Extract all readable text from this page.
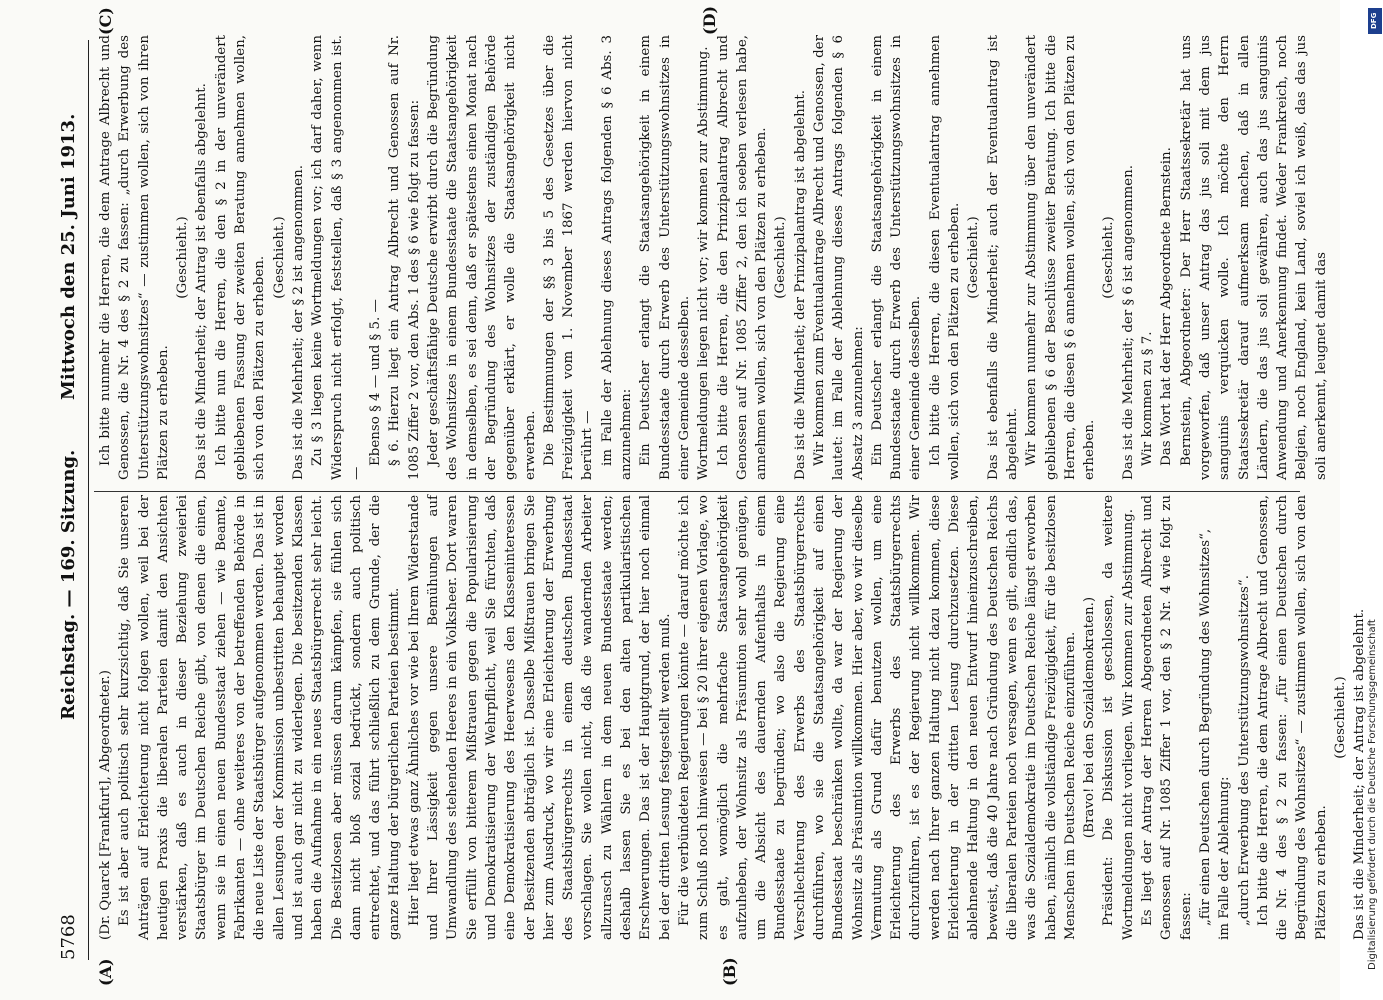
5768
Reichstag. — 169. Sitzung.
Mittwoch den 25. Juni 1913.
(A)	(B)
(C)	(D)

(Dr. Quarck [Frankfurt], Abgeordneter.) Es ist aber auch politisch sehr kurzsichtig, daß Sie unseren Anträgen auf Erleichterung nicht folgen wollen, weil bei der heutigen Praxis die liberalen Parteien damit den Ansichten verstärken, daß es auch in dieser Beziehung zweierlei Staatsbürger im Deutschen Reiche gibt, von denen die einen, wenn sie in einen neuen Bundesstaat ziehen — wie Beamte, Fabrikanten — ohne weiteres von der betreffenden Behörde in die neue Liste der Staatsbürger aufgenommen werden. Das ist in allen Lesungen der Kommission unbestritten behauptet worden und ist auch gar nicht zu widerlegen. Die besitzenden Klassen haben die Aufnahme in ein neues Staatsbürgerrecht sehr leicht. Die Besitzlosen aber müssen darum kämpfen, sie fühlen sich dann nicht bloß sozial bedrückt, sondern auch politisch entrechtet, und das führt schließlich zu dem Grunde, der die ganze Haltung der bürgerlichen Parteien bestimmt. Hier liegt etwas ganz Ähnliches vor wie bei Ihrem Widerstande und Ihrer Lässigkeit gegen unsere Bemühungen auf Umwandlung des stehenden Heeres in ein Volksheer. Dort waren Sie erfüllt von bitterem Mißtrauen gegen die Popularisierung und Demokratisierung der Wehrpflicht, weil Sie fürchten, daß eine Demokratisierung des Heerwesens den Klasseninteressen der Besitzenden abträglich ist. Dasselbe Mißtrauen bringen Sie hier zum Ausdruck, wo wir eine Erleichterung der Erwerbung des Staatsbürgerrechts in einem deutschen Bundesstaat vorschlagen. Sie wollen nicht, daß die wandernden Arbeiter allzurasch zu Wählern in dem neuen Bundesstaate werden; deshalb lassen Sie es bei den alten partikularistischen Erschwerungen. Das ist der Hauptgrund, der hier noch einmal bei der dritten Lesung festgestellt werden muß. Für die verbündeten Regierungen könnte — darauf möchte ich zum Schluß noch hinweisen — bei § 20 ihrer eigenen Vorlage, wo es galt, womöglich die mehrfache Staatsangehörigkeit aufzuheben, der Wohnsitz als Präsumtion sehr wohl genügen, um die Absicht des dauernden Aufenthalts in einem Bundesstaate zu begründen; wo also die Regierung eine Verschlechterung des Erwerbs des Staatsbürgerrechts durchführen, wo sie die Staatsangehörigkeit auf einen Bundesstaat beschränken wollte, da war der Regierung der Wohnsitz als Präsumtion willkommen. Hier aber, wo wir dieselbe Vermutung als Grund dafür benutzen wollen, um eine Erleichterung des Erwerbs des Staatsbürgerrechts durchzuführen, ist es der Regierung nicht willkommen. Wir werden nach Ihrer ganzen Haltung nicht dazu kommen, diese Erleichterung in der dritten Lesung durchzusetzen. Diese ablehnende Haltung in den neuen Entwurf hineinzuschreiben, beweist, daß die 40 Jahre nach Gründung des Deutschen Reichs die liberalen Parteien noch versagen, wenn es gilt, endlich das, was die Sozialdemokratie im Deutschen Reiche längst erworben haben, nämlich die vollständige Freizügigkeit, für die besitzlosen Menschen im Deutschen Reiche einzuführen. (Bravo! bei den Sozialdemokraten.) Präsident: Die Diskussion ist geschlossen, da weitere Wortmeldungen nicht vorliegen. Wir kommen zur Abstimmung. Es liegt der Antrag der Herren Abgeordneten Albrecht und Genossen auf Nr. 1085 Ziffer 1 vor, den § 2 Nr. 4 wie folgt zu fassen: „für einen Deutschen durch Begründung des Wohnsitzes“, im Falle der Ablehnung: „durch Erwerbung des Unterstützungswohnsitzes“. Ich bitte die Herren, die dem Antrage Albrecht und Genossen, die Nr. 4 des § 2 zu fassen: „für einen Deutschen durch Begründung des Wohnsitzes“ — zustimmen wollen, sich von den Plätzen zu erheben.

(Geschieht.) Das ist die Minderheit; der Antrag ist abgelehnt.

Ich bitte nunmehr die Herren, die dem Antrage Albrecht und Genossen, die Nr. 4 des § 2 zu fassen: „durch Erwerbung des Unterstützungswohnsitzes“ — zustimmen wollen, sich von ihren Plätzen zu erheben.

(Geschieht.) Das ist die Minderheit; der Antrag ist ebenfalls abgelehnt. Ich bitte nun die Herren, die den § 2 in der unverändert gebliebenen Fassung der zweiten Beratung annehmen wollen, sich von den Plätzen zu erheben. (Geschieht.) Das ist die Mehrheit; der § 2 ist angenommen. Zu § 3 liegen keine Wortmeldungen vor; ich darf daher, wenn Widerspruch nicht erfolgt, feststellen, daß § 3 angenommen ist. —

Ebenso § 4 — und § 5. — § 6. Hierzu liegt ein Antrag Albrecht und Genossen auf Nr. 1085 Ziffer 2 vor, den Abs. 1 des § 6 wie folgt zu fassen: Jeder geschäftsfähige Deutsche erwirbt durch die Begründung des Wohnsitzes in einem Bundesstaate die Staatsangehörigkeit in demselben, es sei denn, daß er spätestens einen Monat nach der Begründung des Wohnsitzes der zuständigen Behörde gegenüber erklärt, er wolle die Staatsangehörigkeit nicht erwerben. Die Bestimmungen der §§ 3 bis 5 des Gesetzes über die Freizügigkeit vom 1. November 1867 werden hiervon nicht berührt — im Falle der Ablehnung dieses Antrags folgenden § 6 Abs. 3 anzunehmen: Ein Deutscher erlangt die Staatsangehörigkeit in einem Bundesstaate durch Erwerb des Unterstützungswohnsitzes in einer Gemeinde desselben. Wortmeldungen liegen nicht vor; wir kommen zur Abstimmung. Ich bitte die Herren, die den Prinzipalantrag Albrecht und Genossen auf Nr. 1085 Ziffer 2, den ich soeben verlesen habe, annehmen wollen, sich von den Plätzen zu erheben. (Geschieht.) Das ist die Minderheit; der Prinzipalantrag ist abgelehnt. Wir kommen zum Eventualantrage Albrecht und Genossen, der lautet: im Falle der Ablehnung dieses Antrags folgenden § 6 Absatz 3 anzunehmen: Ein Deutscher erlangt die Staatsangehörigkeit in einem Bundesstaate durch Erwerb des Unterstützungswohnsitzes in einer Gemeinde desselben. Ich bitte die Herren, die diesen Eventualantrag annehmen wollen, sich von den Plätzen zu erheben. (Geschieht.) Das ist ebenfalls die Minderheit; auch der Eventualantrag ist abgelehnt. Wir kommen nunmehr zur Abstimmung über den unverändert gebliebenen § 6 der Beschlüsse zweiter Beratung. Ich bitte die Herren, die diesen § 6 annehmen wollen, sich von den Plätzen zu erheben.

(Geschieht.) Das ist die Mehrheit; der § 6 ist angenommen. Wir kommen zu § 7. Das Wort hat der Herr Abgeordnete Bernstein. Bernstein, Abgeordneter: Der Herr Staatssekretär hat uns vorgeworfen, daß unser Antrag das jus soli mit dem jus sanguinis verquicken wolle. Ich möchte den Herrn Staatssekretär darauf aufmerksam machen, daß in allen Ländern, die das jus soli gewähren, auch das jus sanguinis Anwendung und Anerkennung findet. Weder Frankreich, noch Belgien, noch England, kein Land, soviel ich weiß, das das jus soli anerkennt, leugnet damit das

DFG
Digitalisierung gefördert durch die Deutsche Forschungsgemeinschaft
